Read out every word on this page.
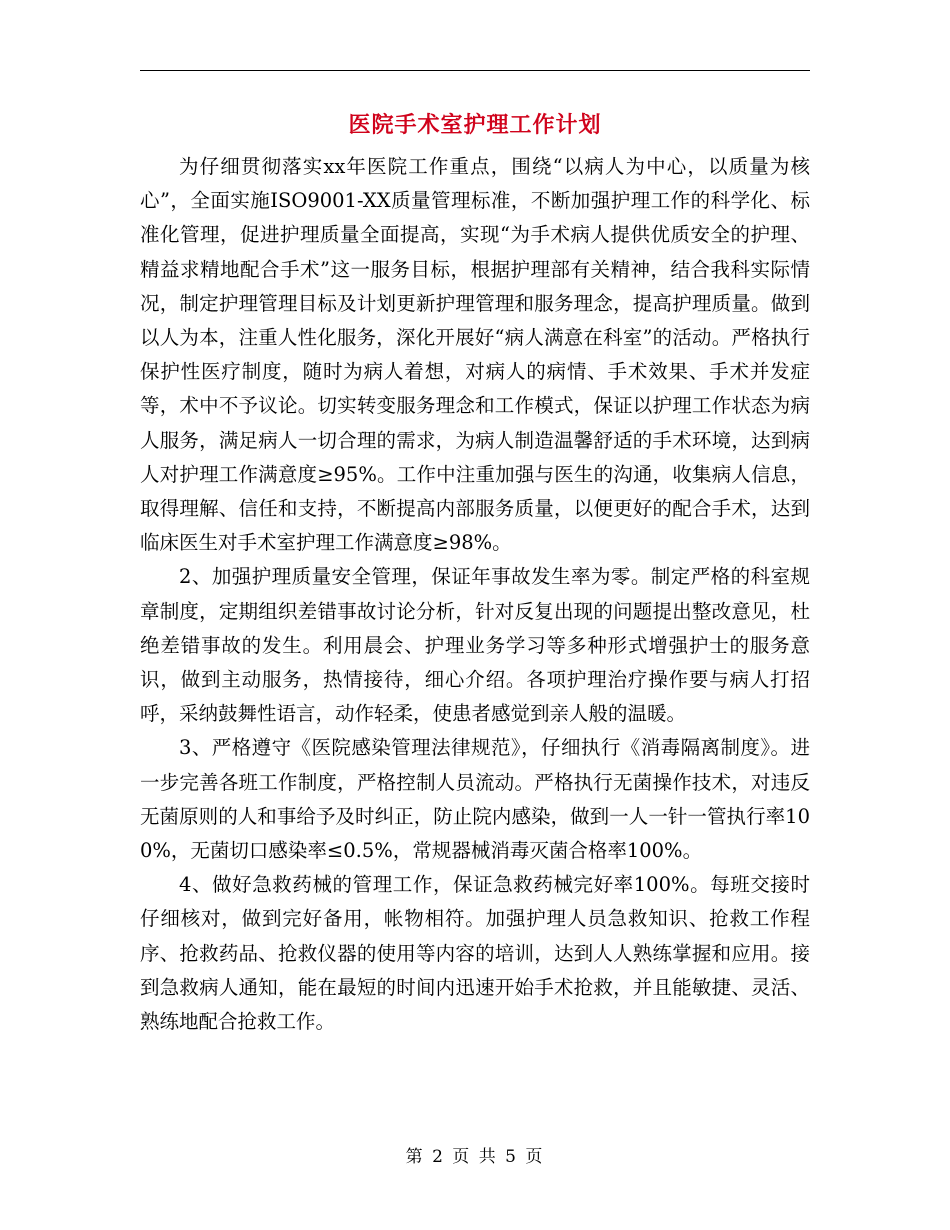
医院手术室护理工作计划

为仔细贯彻落实xx年医院工作重点，围绕“以病人为中心，以质量为核心”，全面实施ISO9001-XX质量管理标准，不断加强护理工作的科学化、标准化管理，促进护理质量全面提高，实现“为手术病人提供优质安全的护理、精益求精地配合手术”这一服务目标，根据护理部有关精神，结合我科实际情况，制定护理管理目标及计划更新护理管理和服务理念，提高护理质量。做到以人为本，注重人性化服务，深化开展好“病人满意在科室”的活动。严格执行保护性医疗制度，随时为病人着想，对病人的病情、手术效果、手术并发症等，术中不予议论。切实转变服务理念和工作模式，保证以护理工作状态为病人服务，满足病人一切合理的需求，为病人制造温馨舒适的手术环境，达到病人对护理工作满意度≥95%。工作中注重加强与医生的沟通，收集病人信息，取得理解、信任和支持，不断提高内部服务质量，以便更好的配合手术，达到临床医生对手术室护理工作满意度≥98%。

2、加强护理质量安全管理，保证年事故发生率为零。制定严格的科室规章制度，定期组织差错事故讨论分析，针对反复出现的问题提出整改意见，杜绝差错事故的发生。利用晨会、护理业务学习等多种形式增强护士的服务意识，做到主动服务，热情接待，细心介绍。各项护理治疗操作要与病人打招呼，采纳鼓舞性语言，动作轻柔，使患者感觉到亲人般的温暖。

3、严格遵守《医院感染管理法律规范》，仔细执行《消毒隔离制度》。进一步完善各班工作制度，严格控制人员流动。严格执行无菌操作技术，对违反无菌原则的人和事给予及时纠正，防止院内感染，做到一人一针一管执行率100%，无菌切口感染率≤0.5%，常规器械消毒灭菌合格率100%。

4、做好急救药械的管理工作，保证急救药械完好率100%。每班交接时仔细核对，做到完好备用，帐物相符。加强护理人员急救知识、抢救工作程序、抢救药品、抢救仪器的使用等内容的培训，达到人人熟练掌握和应用。接到急救病人通知，能在最短的时间内迅速开始手术抢救，并且能敏捷、灵活、熟练地配合抢救工作。

第 2 页 共 5 页
